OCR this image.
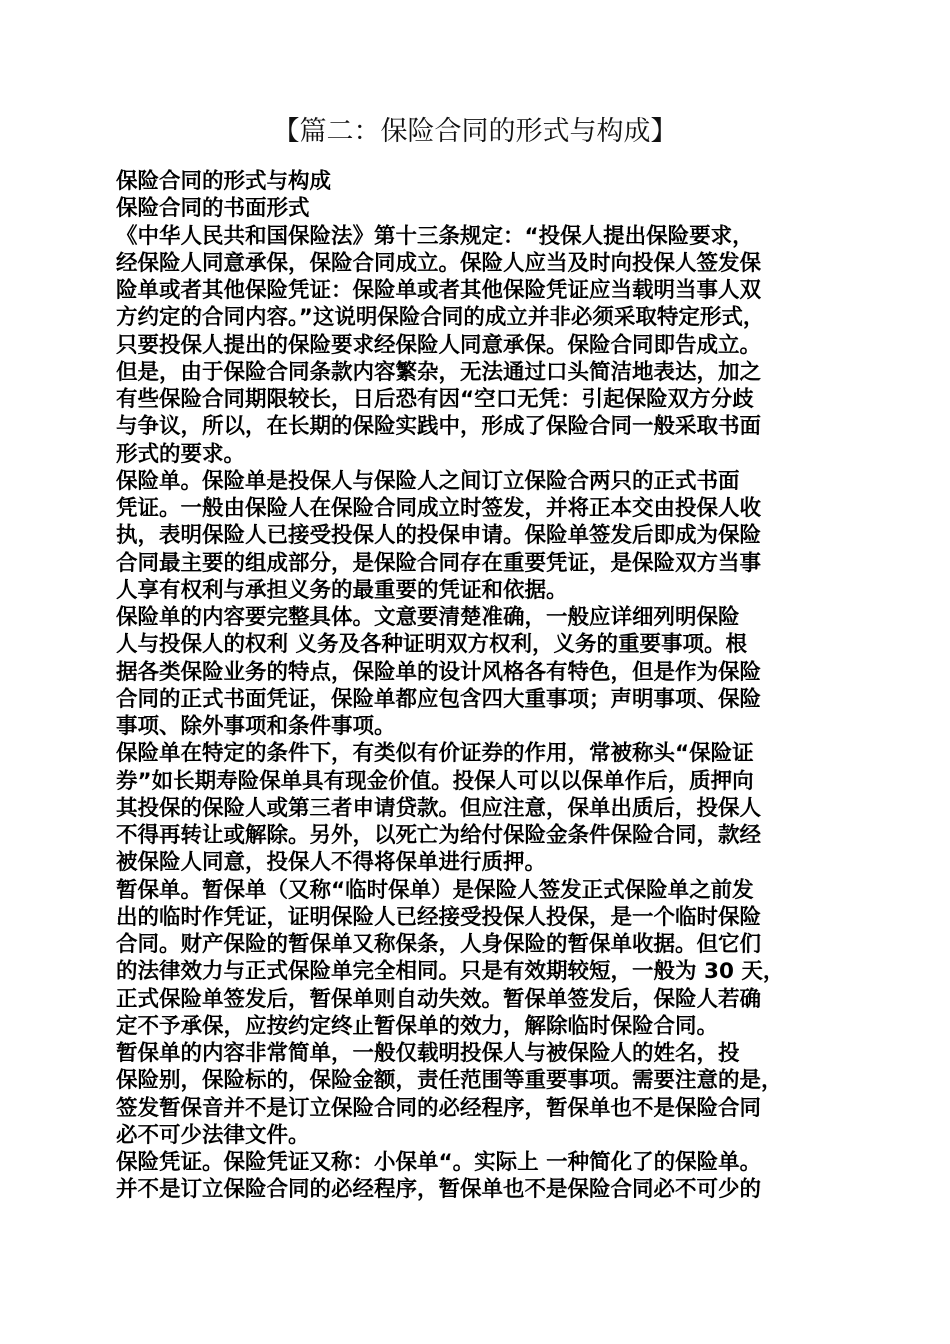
【篇二：保险合同的形式与构成】
保险合同的形式与构成
保险合同的书面形式
《中华人民共和国保险法》第十三条规定：“投保人提出保险要求，
经保险人同意承保，保险合同成立。保险人应当及时向投保人签发保
险单或者其他保险凭证：保险单或者其他保险凭证应当载明当事人双
方约定的合同内容。”这说明保险合同的成立并非必须采取特定形式，
只要投保人提出的保险要求经保险人同意承保。保险合同即告成立。
但是，由于保险合同条款内容繁杂，无法通过口头简洁地表达，加之
有些保险合同期限较长，日后恐有因“空口无凭：引起保险双方分歧
与争议，所以，在长期的保险实践中，形成了保险合同一般采取书面
形式的要求。
保险单。保险单是投保人与保险人之间订立保险合两只的正式书面
凭证。一般由保险人在保险合同成立时签发，并将正本交由投保人收
执，表明保险人已接受投保人的投保申请。保险单签发后即成为保险
合同最主要的组成部分，是保险合同存在重要凭证，是保险双方当事
人享有权利与承担义务的最重要的凭证和依据。
保险单的内容要完整具体。文意要清楚准确，一般应详细列明保险
人与投保人的权利 义务及各种证明双方权利，义务的重要事项。根
据各类保险业务的特点，保险单的设计风格各有特色，但是作为保险
合同的正式书面凭证，保险单都应包含四大重事项；声明事项、保险
事项、除外事项和条件事项。
保险单在特定的条件下，有类似有价证券的作用，常被称头“保险证
券”如长期寿险保单具有现金价值。投保人可以以保单作后，质押向
其投保的保险人或第三者申请贷款。但应注意，保单出质后，投保人
不得再转让或解除。另外，以死亡为给付保险金条件保险合同，款经
被保险人同意，投保人不得将保单进行质押。
暂保单。暂保单（又称“临时保单）是保险人签发正式保险单之前发
出的临时作凭证，证明保险人已经接受投保人投保，是一个临时保险
合同。财产保险的暂保单又称保条，人身保险的暂保单收据。但它们
的法律效力与正式保险单完全相同。只是有效期较短，一般为 30 天，
正式保险单签发后，暂保单则自动失效。暂保单签发后，保险人若确
定不予承保，应按约定终止暂保单的效力，解除临时保险合同。
暂保单的内容非常简单，一般仅载明投保人与被保险人的姓名，投
保险别，保险标的，保险金额，责任范围等重要事项。需要注意的是，
签发暂保音并不是订立保险合同的必经程序，暂保单也不是保险合同
必不可少法律文件。
保险凭证。保险凭证又称：小保单“。实际上 一种简化了的保险单。
并不是订立保险合同的必经程序，暂保单也不是保险合同必不可少的
